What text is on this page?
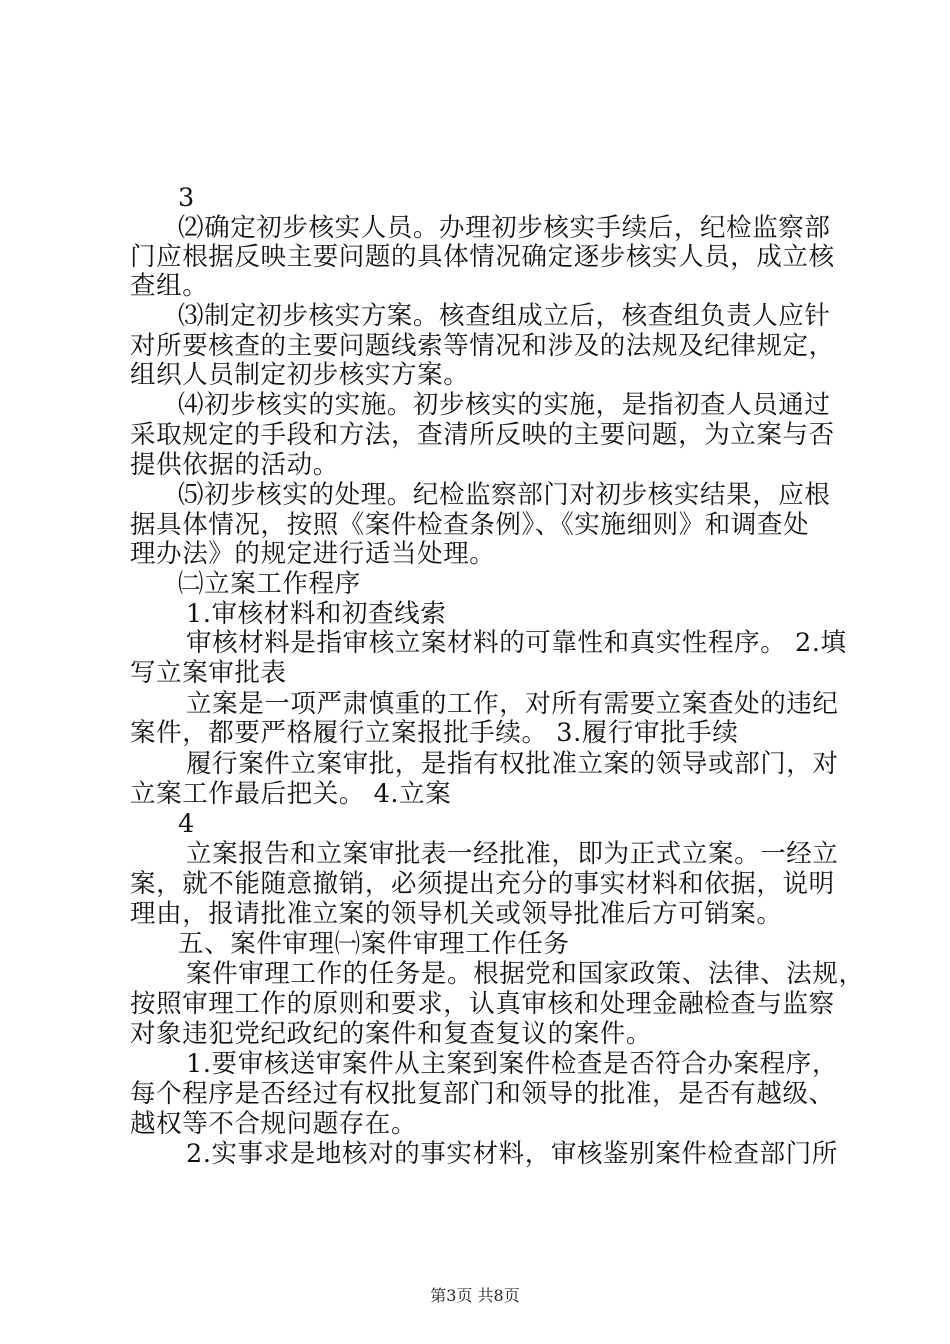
3
⑵确定初步核实人员。办理初步核实手续后，纪检监察部
门应根据反映主要问题的具体情况确定逐步核实人员，成立核
查组。
⑶制定初步核实方案。核查组成立后，核查组负责人应针
对所要核查的主要问题线索等情况和涉及的法规及纪律规定，
组织人员制定初步核实方案。
⑷初步核实的实施。初步核实的实施，是指初查人员通过
采取规定的手段和方法，查清所反映的主要问题，为立案与否
提供依据的活动。
⑸初步核实的处理。纪检监察部门对初步核实结果，应根
据具体情况，按照《案件检查条例》、《实施细则》和调查处
理办法》的规定进行适当处理。
㈡立案工作程序
1.审核材料和初查线索
审核材料是指审核立案材料的可靠性和真实性程序。 2.填
写立案审批表
立案是一项严肃慎重的工作，对所有需要立案查处的违纪
案件，都要严格履行立案报批手续。 3.履行审批手续
履行案件立案审批，是指有权批准立案的领导或部门，对
立案工作最后把关。 4.立案
4
立案报告和立案审批表一经批准，即为正式立案。一经立
案，就不能随意撤销，必须提出充分的事实材料和依据，说明
理由，报请批准立案的领导机关或领导批准后方可销案。
五、案件审理㈠案件审理工作任务
案件审理工作的任务是。根据党和国家政策、法律、法规，
按照审理工作的原则和要求，认真审核和处理金融检查与监察
对象违犯党纪政纪的案件和复查复议的案件。
1.要审核送审案件从主案到案件检查是否符合办案程序，
每个程序是否经过有权批复部门和领导的批准，是否有越级、
越权等不合规问题存在。
2.实事求是地核对的事实材料，审核鉴别案件检查部门所
第3页 共8页
